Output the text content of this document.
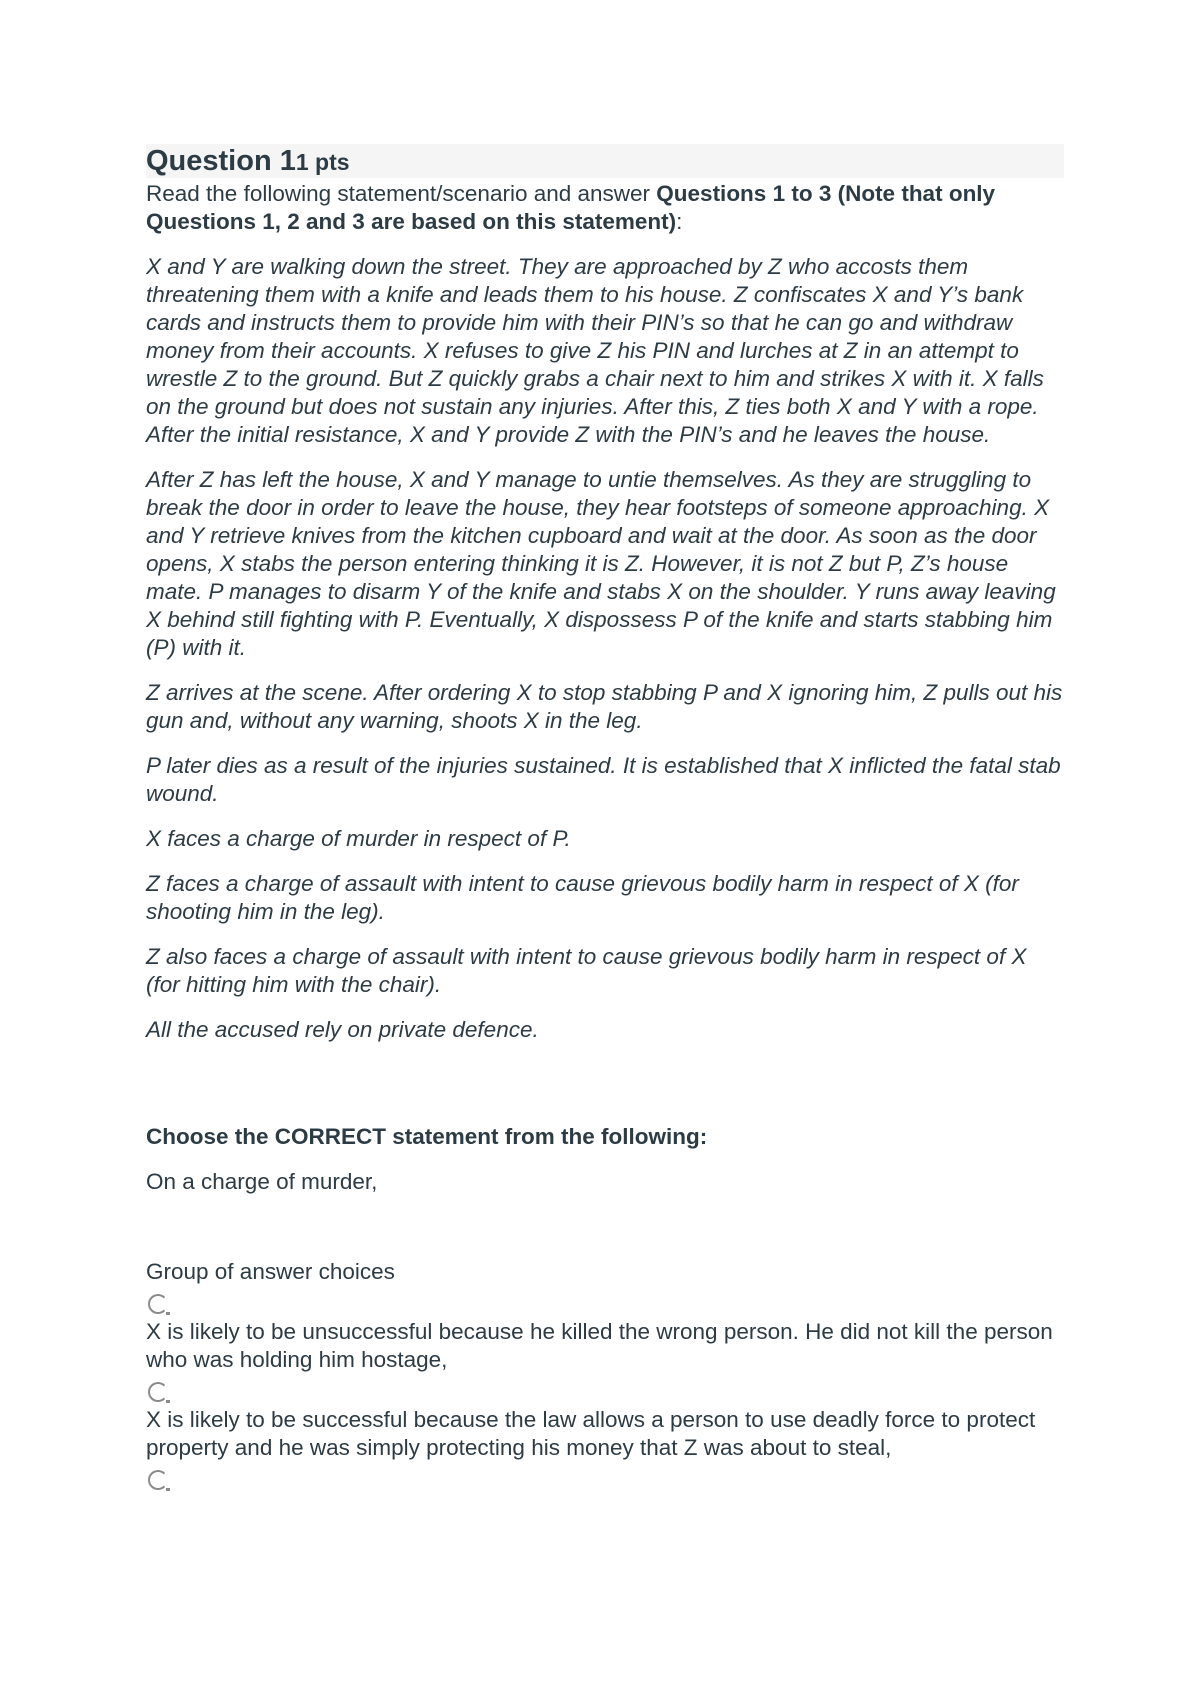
Question 11 pts

Read the following statement/scenario and answer Questions 1 to 3 (Note that only Questions 1, 2 and 3 are based on this statement):

X and Y are walking down the street. They are approached by Z who accosts them threatening them with a knife and leads them to his house. Z confiscates X and Y’s bank cards and instructs them to provide him with their PIN’s so that he can go and withdraw money from their accounts. X refuses to give Z his PIN and lurches at Z in an attempt to wrestle Z to the ground. But Z quickly grabs a chair next to him and strikes X with it. X falls on the ground but does not sustain any injuries. After this, Z ties both X and Y with a rope. After the initial resistance, X and Y provide Z with the PIN’s and he leaves the house.

After Z has left the house, X and Y manage to untie themselves. As they are struggling to break the door in order to leave the house, they hear footsteps of someone approaching. X and Y retrieve knives from the kitchen cupboard and wait at the door. As soon as the door opens, X stabs the person entering thinking it is Z. However, it is not Z but P, Z’s house mate. P manages to disarm Y of the knife and stabs X on the shoulder. Y runs away leaving X behind still fighting with P. Eventually, X dispossess P of the knife and starts stabbing him (P) with it.

Z arrives at the scene. After ordering X to stop stabbing P and X ignoring him, Z pulls out his gun and, without any warning, shoots X in the leg.

P later dies as a result of the injuries sustained. It is established that X inflicted the fatal stab wound.

X faces a charge of murder in respect of P.

Z faces a charge of assault with intent to cause grievous bodily harm in respect of X (for shooting him in the leg).

Z also faces a charge of assault with intent to cause grievous bodily harm in respect of X (for hitting him with the chair).

All the accused rely on private defence.

Choose the CORRECT statement from the following:

On a charge of murder,

Group of answer choices

X is likely to be unsuccessful because he killed the wrong person. He did not kill the person who was holding him hostage,

X is likely to be successful because the law allows a person to use deadly force to protect property and he was simply protecting his money that Z was about to steal,
